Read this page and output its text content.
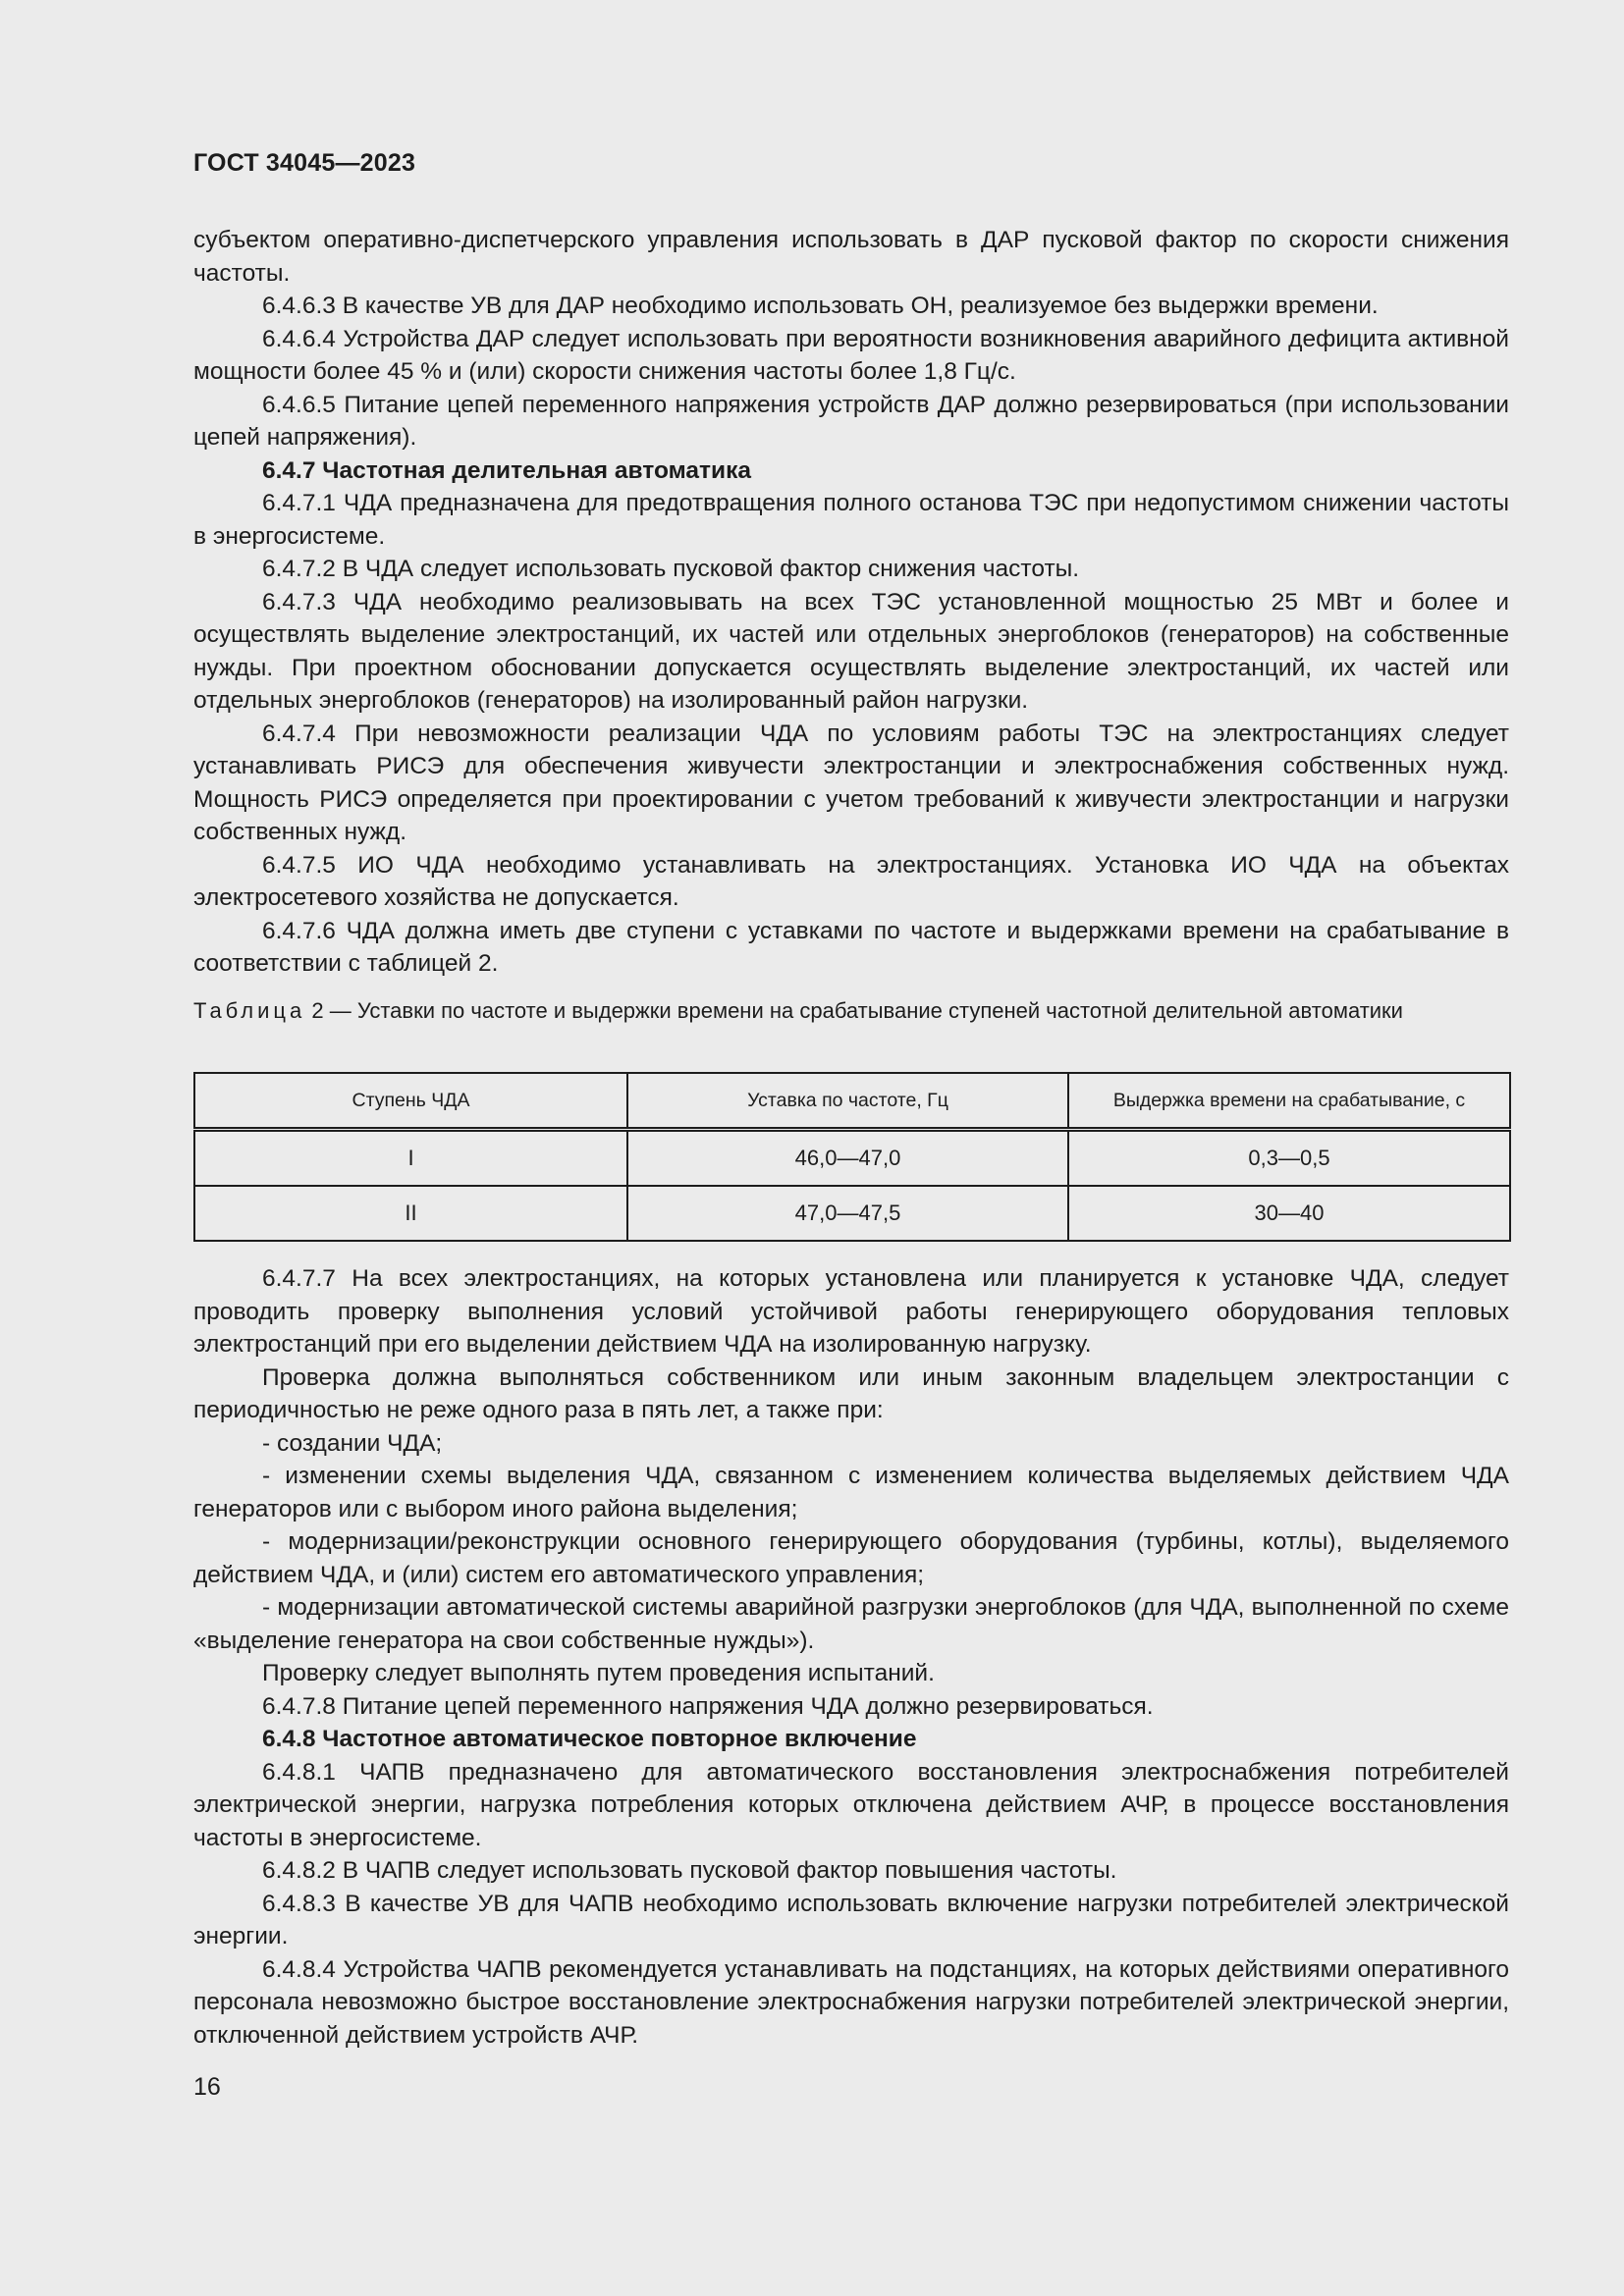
ГОСТ 34045—2023

субъектом оперативно-диспетчерского управления использовать в ДАР пусковой фактор по скорости снижения частоты.

6.4.6.3 В качестве УВ для ДАР необходимо использовать ОН, реализуемое без выдержки времени.

6.4.6.4 Устройства ДАР следует использовать при вероятности возникновения аварийного дефицита активной мощности более 45 % и (или) скорости снижения частоты более 1,8 Гц/с.

6.4.6.5 Питание цепей переменного напряжения устройств ДАР должно резервироваться (при использовании цепей напряжения).

6.4.7 Частотная делительная автоматика

6.4.7.1 ЧДА предназначена для предотвращения полного останова ТЭС при недопустимом снижении частоты в энергосистеме.

6.4.7.2 В ЧДА следует использовать пусковой фактор снижения частоты.

6.4.7.3 ЧДА необходимо реализовывать на всех ТЭС установленной мощностью 25 МВт и более и осуществлять выделение электростанций, их частей или отдельных энергоблоков (генераторов) на собственные нужды. При проектном обосновании допускается осуществлять выделение электростанций, их частей или отдельных энергоблоков (генераторов) на изолированный район нагрузки.

6.4.7.4 При невозможности реализации ЧДА по условиям работы ТЭС на электростанциях следует устанавливать РИСЭ для обеспечения живучести электростанции и электроснабжения собственных нужд. Мощность РИСЭ определяется при проектировании с учетом требований к живучести электростанции и нагрузки собственных нужд.

6.4.7.5 ИО ЧДА необходимо устанавливать на электростанциях. Установка ИО ЧДА на объектах электросетевого хозяйства не допускается.

6.4.7.6 ЧДА должна иметь две ступени с уставками по частоте и выдержками времени на срабатывание в соответствии с таблицей 2.

Таблица 2 — Уставки по частоте и выдержки времени на срабатывание ступеней частотной делительной автоматики
Ступень ЧДА	Уставка по частоте, Гц	Выдержка времени на срабатывание, с
I	46,0—47,0	0,3—0,5
II	47,0—47,5	30—40

6.4.7.7 На всех электростанциях, на которых установлена или планируется к установке ЧДА, следует проводить проверку выполнения условий устойчивой работы генерирующего оборудования тепловых электростанций при его выделении действием ЧДА на изолированную нагрузку.

Проверка должна выполняться собственником или иным законным владельцем электростанции с периодичностью не реже одного раза в пять лет, а также при:

- создании ЧДА;

- изменении схемы выделения ЧДА, связанном с изменением количества выделяемых действием ЧДА генераторов или с выбором иного района выделения;

- модернизации/реконструкции основного генерирующего оборудования (турбины, котлы), выделяемого действием ЧДА, и (или) систем его автоматического управления;

- модернизации автоматической системы аварийной разгрузки энергоблоков (для ЧДА, выполненной по схеме «выделение генератора на свои собственные нужды»).

Проверку следует выполнять путем проведения испытаний.

6.4.7.8 Питание цепей переменного напряжения ЧДА должно резервироваться.

6.4.8 Частотное автоматическое повторное включение

6.4.8.1 ЧАПВ предназначено для автоматического восстановления электроснабжения потребителей электрической энергии, нагрузка потребления которых отключена действием АЧР, в процессе восстановления частоты в энергосистеме.

6.4.8.2 В ЧАПВ следует использовать пусковой фактор повышения частоты.

6.4.8.3 В качестве УВ для ЧАПВ необходимо использовать включение нагрузки потребителей электрической энергии.

6.4.8.4 Устройства ЧАПВ рекомендуется устанавливать на подстанциях, на которых действиями оперативного персонала невозможно быстрое восстановление электроснабжения нагрузки потребителей электрической энергии, отключенной действием устройств АЧР.

16
